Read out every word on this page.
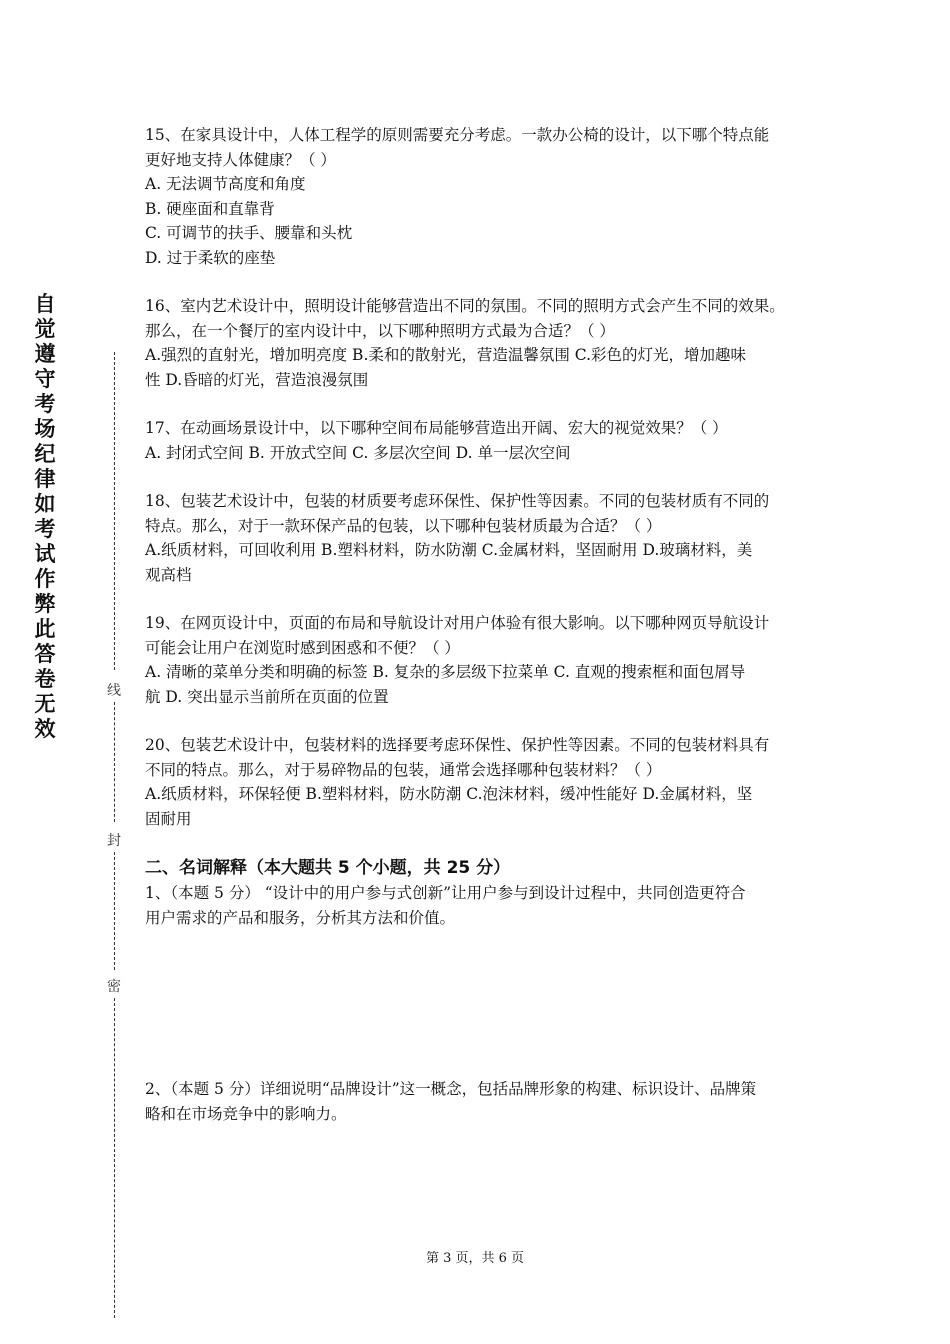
自觉遵守考场纪律如考试作弊此答卷无效
线
封
密

15、在家具设计中，人体工程学的原则需要充分考虑。一款办公椅的设计，以下哪个特点能

更好地支持人体健康？（ ）

A. 无法调节高度和角度

B. 硬座面和直靠背

C. 可调节的扶手、腰靠和头枕

D. 过于柔软的座垫

16、室内艺术设计中，照明设计能够营造出不同的氛围。不同的照明方式会产生不同的效果。

那么，在一个餐厅的室内设计中，以下哪种照明方式最为合适？（ ）

A.强烈的直射光，增加明亮度 B.柔和的散射光，营造温馨氛围 C.彩色的灯光，增加趣味

性 D.昏暗的灯光，营造浪漫氛围

17、在动画场景设计中，以下哪种空间布局能够营造出开阔、宏大的视觉效果？（ ）

A. 封闭式空间 B. 开放式空间 C. 多层次空间 D. 单一层次空间

18、包装艺术设计中，包装的材质要考虑环保性、保护性等因素。不同的包装材质有不同的

特点。那么，对于一款环保产品的包装，以下哪种包装材质最为合适？（ ）

A.纸质材料，可回收利用 B.塑料材料，防水防潮 C.金属材料，坚固耐用 D.玻璃材料，美

观高档

19、在网页设计中，页面的布局和导航设计对用户体验有很大影响。以下哪种网页导航设计

可能会让用户在浏览时感到困惑和不便？（ ）

A. 清晰的菜单分类和明确的标签 B. 复杂的多层级下拉菜单 C. 直观的搜索框和面包屑导

航 D. 突出显示当前所在页面的位置

20、包装艺术设计中，包装材料的选择要考虑环保性、保护性等因素。不同的包装材料具有

不同的特点。那么，对于易碎物品的包装，通常会选择哪种包装材料？（ ）

A.纸质材料，环保轻便 B.塑料材料，防水防潮 C.泡沫材料，缓冲性能好 D.金属材料，坚

固耐用

二、名词解释（本大题共 5 个小题，共 25 分）

1、（本题 5 分） “设计中的用户参与式创新”让用户参与到设计过程中，共同创造更符合

用户需求的产品和服务，分析其方法和价值。

2、（本题 5 分）详细说明“品牌设计”这一概念，包括品牌形象的构建、标识设计、品牌策

略和在市场竞争中的影响力。

第 3 页，共 6 页
